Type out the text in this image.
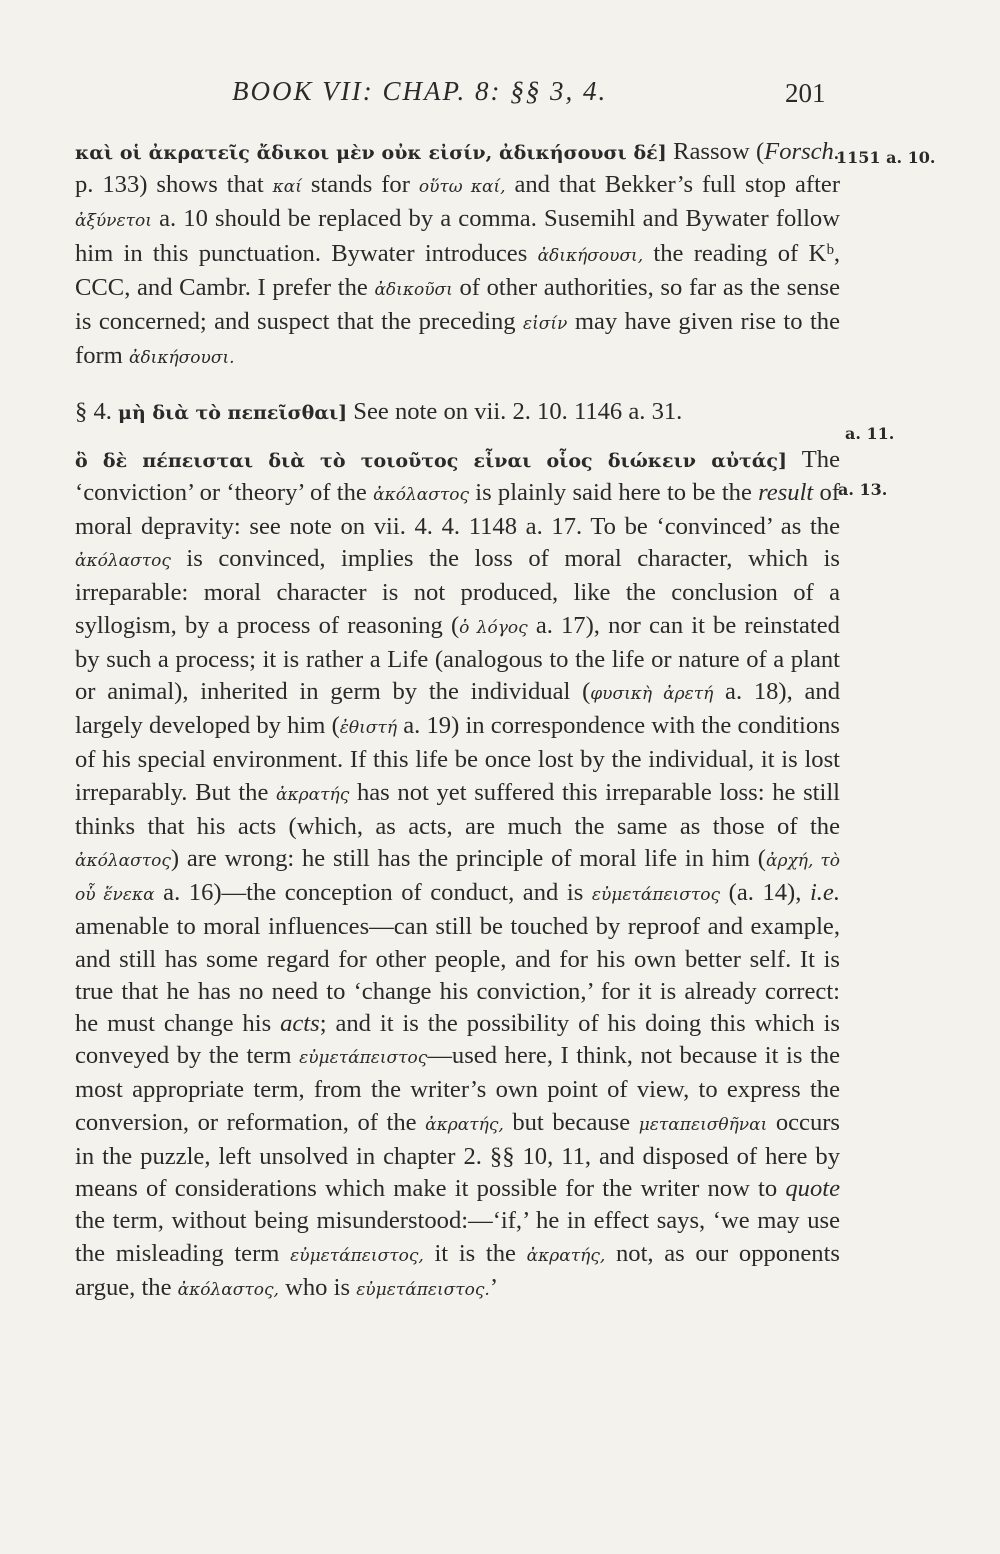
BOOK VII: CHAP. 8: §§ 3, 4.	201
1151 a. 10.
a. 11.
a. 13.

καὶ οἱ ἀκρατεῖς ἄδικοι μὲν οὐκ εἰσίν, ἀδικήσουσι δέ] Rassow (Forsch. p. 133) shows that καί stands for οὕτω καί, and that Bekker’s full stop after ἀξύνετοι a. 10 should be replaced by a comma. Susemihl and Bywater follow him in this punctuation. Bywater introduces ἀδικήσουσι, the reading of Kᵇ, CCC, and Cambr. I prefer the ἀδικοῦσι of other authorities, so far as the sense is concerned; and suspect that the preceding εἰσίν may have given rise to the form ἀδικήσουσι.

§ 4. μὴ διὰ τὸ πεπεῖσθαι] See note on vii. 2. 10. 1146 a. 31.

ὃ δὲ πέπεισται διὰ τὸ τοιοῦτος εἶναι οἷος διώκειν αὐτάς] The ‘conviction’ or ‘theory’ of the ἀκόλαστος is plainly said here to be the result of moral depravity: see note on vii. 4. 4. 1148 a. 17. To be ‘convinced’ as the ἀκόλαστος is convinced, implies the loss of moral character, which is irreparable: moral character is not produced, like the conclusion of a syllogism, by a process of reasoning (ὁ λόγος a. 17), nor can it be reinstated by such a process; it is rather a Life (analogous to the life or nature of a plant or animal), inherited in germ by the individual (φυσικὴ ἀρετή a. 18), and largely developed by him (ἐθιστή a. 19) in correspondence with the conditions of his special environment. If this life be once lost by the individual, it is lost irreparably. But the ἀκρατής has not yet suffered this irreparable loss: he still thinks that his acts (which, as acts, are much the same as those of the ἀκόλαστος) are wrong: he still has the principle of moral life in him (ἀρχή, τὸ οὗ ἕνεκα a. 16)—the conception of conduct, and is εὐμετάπειστος (a. 14), i.e. amenable to moral influences—can still be touched by reproof and example, and still has some regard for other people, and for his own better self. It is true that he has no need to ‘change his conviction,’ for it is already correct: he must change his acts; and it is the possibility of his doing this which is conveyed by the term εὐμετάπειστος—used here, I think, not because it is the most appropriate term, from the writer’s own point of view, to express the conversion, or reformation, of the ἀκρατής, but because μεταπεισθῆναι occurs in the puzzle, left unsolved in chapter 2. §§ 10, 11, and disposed of here by means of considerations which make it possible for the writer now to quote the term, without being misunderstood:—‘if,’ he in effect says, ‘we may use the misleading term εὐμετάπειστος, it is the ἀκρατής, not, as our opponents argue, the ἀκόλαστος, who is εὐμετάπειστος.’
